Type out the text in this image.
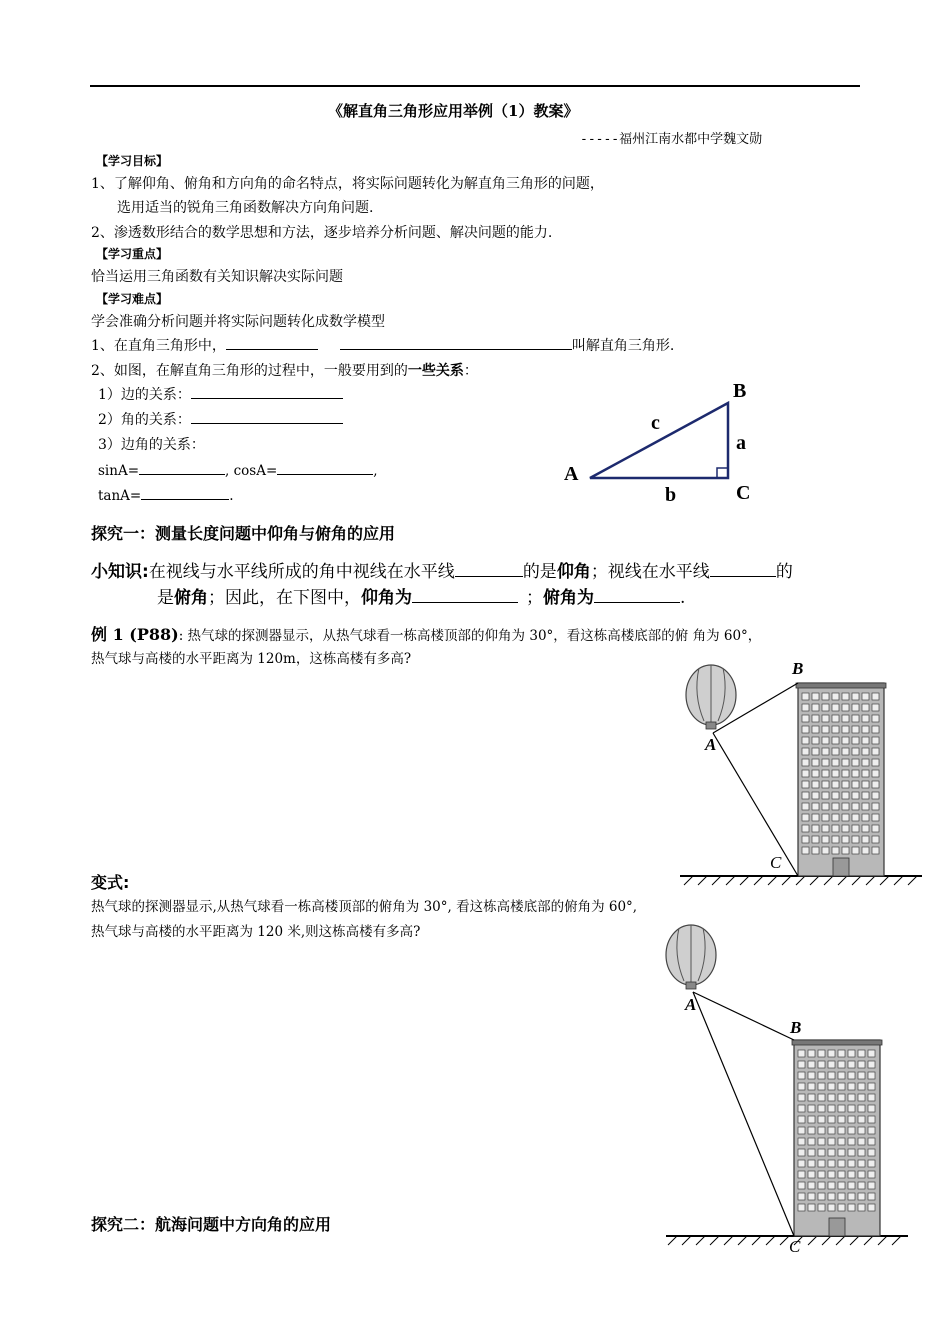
《解直角三角形应用举例（1）教案》
-----福州江南水都中学魏文勋
【学习目标】
1、了解仰角、俯角和方向角的命名特点，将实际问题转化为解直角三角形的问题，
选用适当的锐角三角函数解决方向角问题.
2、渗透数形结合的数学思想和方法，逐步培养分析问题、解决问题的能力.
【学习重点】
恰当运用三角函数有关知识解决实际问题
【学习难点】
学会准确分析问题并将实际问题转化成数学模型
1、在直角三角形中，	叫解直角三角形.
2、如图，在解直角三角形的过程中，一般要用到的一些关系：
1）边的关系：
2）角的关系：
3）边角的关系：
sinA=	, cosA=	,
tanA=	.
B
c
a
A
C
b
探究一：测量长度问题中仰角与俯角的应用
小知识:在视线与水平线所成的角中视线在水平线	的是仰角；视线在水平线	的
是俯角；因此，在下图中，仰角为	；俯角为	.
例 1 (P88): 热气球的探测器显示，从热气球看一栋高楼顶部的仰角为 30°，看这栋高楼底部的俯 角为 60°，
热气球与高楼的水平距离为 120m，这栋高楼有多高?	B
A
C
变式:
热气球的探测器显示,从热气球看一栋高楼顶部的俯角为 30°, 看这栋高楼底部的俯角为 60°,
热气球与高楼的水平距离为 120 米,则这栋高楼有多高?
A
B
C
探究二：航海问题中方向角的应用
